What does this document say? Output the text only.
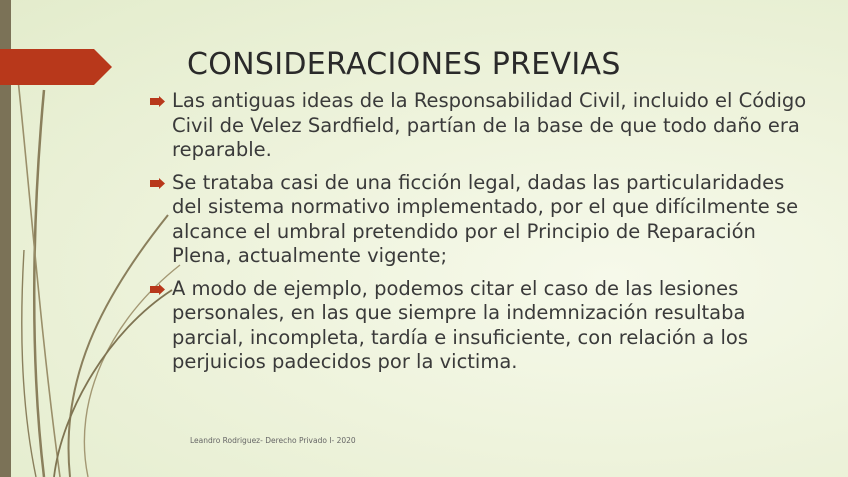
CONSIDERACIONES PREVIAS
Las antiguas ideas de la Responsabilidad Civil, incluido el Código Civil de Velez Sardfield, partían de la base de que todo daño era reparable.
Se trataba casi de una ficción legal, dadas las particularidades del sistema normativo implementado, por el que difícilmente se alcance el umbral pretendido por el Principio de Reparación Plena, actualmente vigente;
A modo de ejemplo, podemos citar el caso de las lesiones personales, en las que siempre la indemnización resultaba parcial, incompleta, tardía e insuficiente, con relación a los perjuicios padecidos por la victima.
Leandro Rodriguez- Derecho Privado I- 2020
